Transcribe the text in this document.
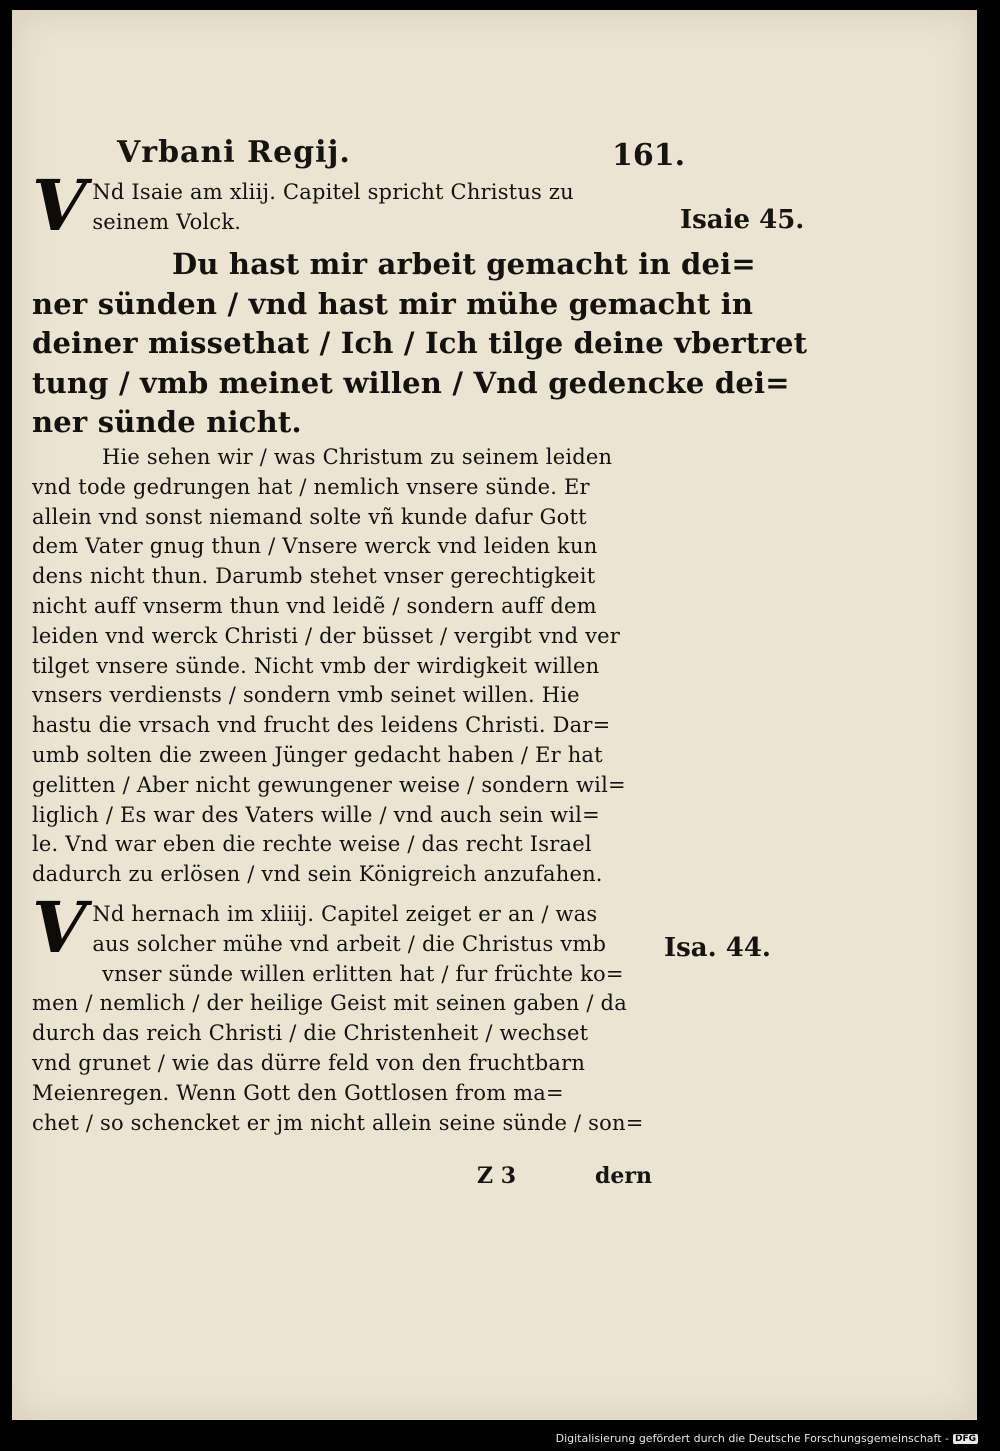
Vrbani Regij.	161.
Isaie 45.
Isa. 44.
V Nd Isaie am xliij. Capitel spricht Christus zu
seinem Volck.
Du hast mir arbeit gemacht in dei=
ner sünden / vnd hast mir mühe gemacht in
deiner missethat / Ich / Ich tilge deine vbertret
tung / vmb meinet willen / Vnd gedencke dei=
ner sünde nicht.
Hie sehen wir / was Christum zu seinem leiden
vnd tode gedrungen hat / nemlich vnsere sünde. Er
allein vnd sonst niemand solte vñ kunde dafur Gott
dem Vater gnug thun / Vnsere werck vnd leiden kun
dens nicht thun. Darumb stehet vnser gerechtigkeit
nicht auff vnserm thun vnd leidẽ / sondern auff dem
leiden vnd werck Christi / der büsset / vergibt vnd ver
tilget vnsere sünde. Nicht vmb der wirdigkeit willen
vnsers verdiensts / sondern vmb seinet willen. Hie
hastu die vrsach vnd frucht des leidens Christi. Dar=
umb solten die zween Jünger gedacht haben / Er hat
gelitten / Aber nicht gewungener weise / sondern wil=
liglich / Es war des Vaters wille / vnd auch sein wil=
le. Vnd war eben die rechte weise / das recht Israel
dadurch zu erlösen / vnd sein Königreich anzufahen.
V Nd hernach im xliiij. Capitel zeiget er an / was
aus solcher mühe vnd arbeit / die Christus vmb
vnser sünde willen erlitten hat / fur früchte ko=
men / nemlich / der heilige Geist mit seinen gaben / da
durch das reich Christi / die Christenheit / wechset
vnd grunet / wie das dürre feld von den fruchtbarn
Meienregen. Wenn Gott den Gottlosen from ma=
chet / so schencket er jm nicht allein seine sünde / son=
Z 3	dern
Digitalisierung gefördert durch die Deutsche Forschungsgemeinschaft - DFG
